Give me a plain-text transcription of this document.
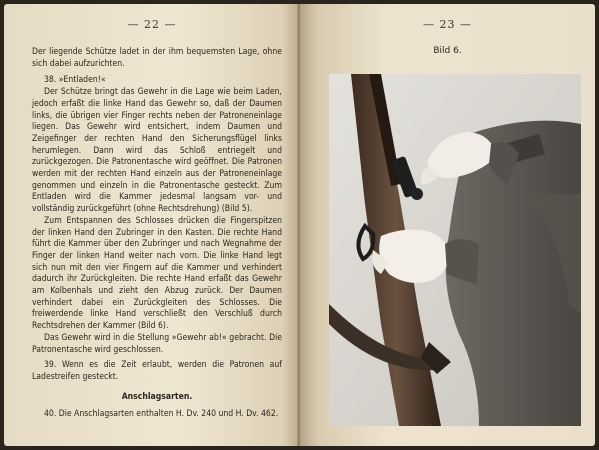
— 22 —

Der liegende Schütze ladet in der ihm bequemsten Lage, ohne sich dabei aufzurichten.

38. »Entladen!«

Der Schütze bringt das Gewehr in die Lage wie beim Laden, jedoch erfaßt die linke Hand das Gewehr so, daß der Daumen links, die übrigen vier Finger rechts neben der Patroneneinlage liegen. Das Gewehr wird entsichert, indem Daumen und Zeigefinger der rechten Hand den Sicherungsflügel links herumlegen. Dann wird das Schloß entriegelt und zurückgezogen. Die Patronentasche wird geöffnet. Die Patronen werden mit der rechten Hand einzeln aus der Patroneneinlage genommen und einzeln in die Patronentasche gesteckt. Zum Entladen wird die Kammer jedesmal langsam vor- und vollständig zurückgeführt (ohne Rechtsdrehung) (Bild 5).

Zum Entspannen des Schlosses drücken die Fingerspitzen der linken Hand den Zubringer in den Kasten. Die rechte Hand führt die Kammer über den Zubringer und nach Wegnahme der Finger der linken Hand weiter nach vorn. Die linke Hand legt sich nun mit den vier Fingern auf die Kammer und verhindert dadurch ihr Zurückgleiten. Die rechte Hand erfaßt das Gewehr am Kolbenhals und zieht den Abzug zurück. Der Daumen verhindert dabei ein Zurückgleiten des Schlosses. Die freiwerdende linke Hand verschließt den Verschluß durch Rechtsdrehen der Kammer (Bild 6).

Das Gewehr wird in die Stellung »Gewehr ab!« gebracht. Die Patronentasche wird geschlossen.

39. Wenn es die Zeit erlaubt, werden die Patronen auf Ladestreifen gesteckt.

Anschlagsarten.

40. Die Anschlagsarten enthalten H. Dv. 240 und H. Dv. 462.

— 23 —
Bild 6.
